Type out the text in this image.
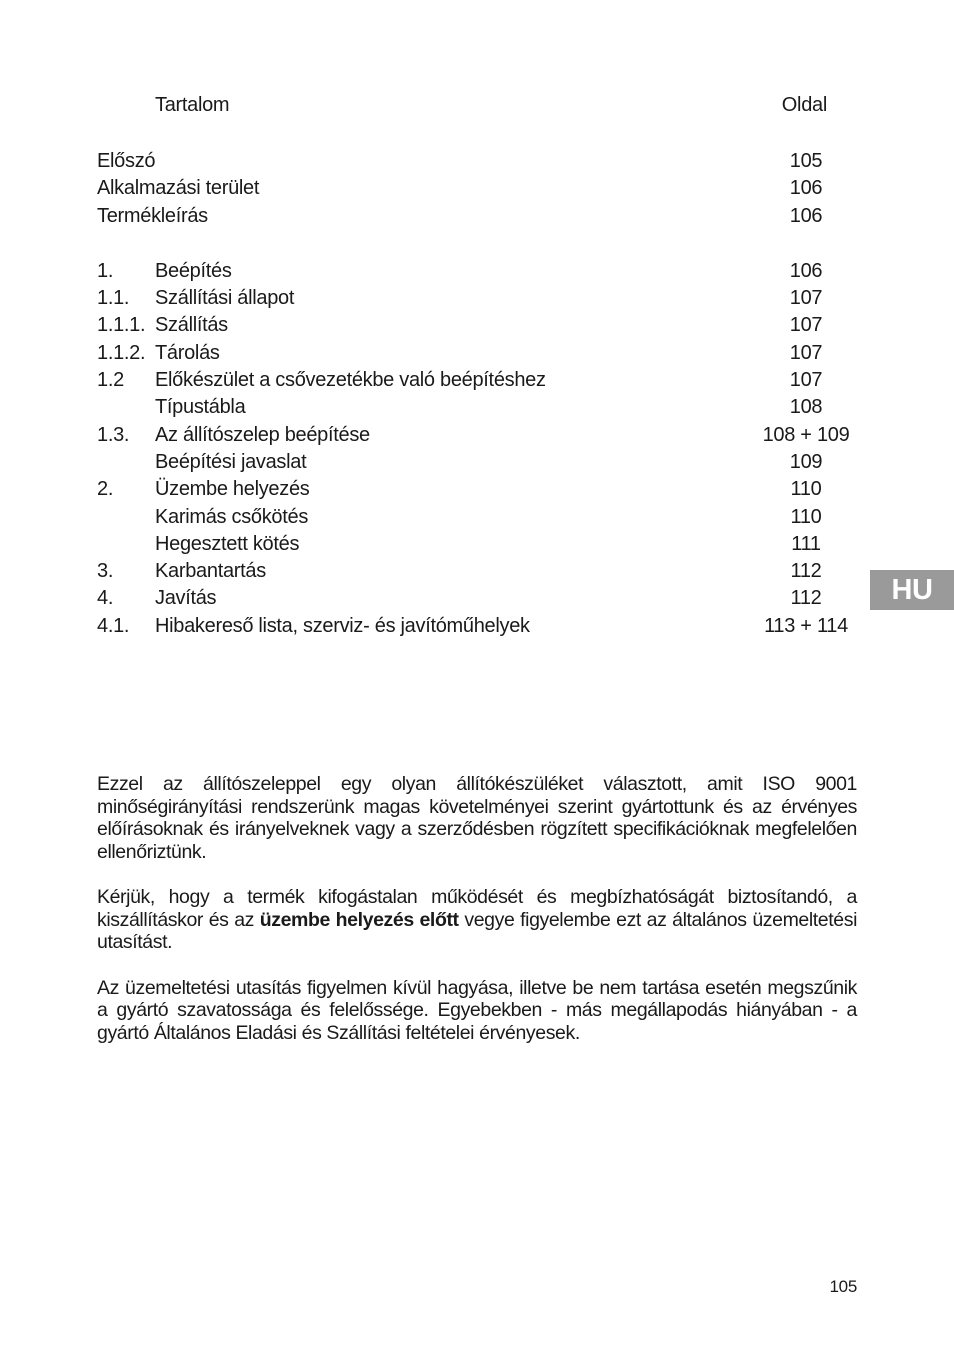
Tartalom	Oldal
Előszó	105
Alkalmazási terület	106
Termékleírás	106
1. Beépítés	106
1.1. Szállítási állapot	107
1.1.1. Szállítás	107
1.1.2. Tárolás	107
1.2 Előkészület a csővezetékbe való beépítéshez	107
Típustábla	108
1.3. Az állítószelep beépítése	108 + 109
Beépítési javaslat	109
2. Üzembe helyezés	110
Karimás csőkötés	110
Hegesztett kötés	111
3. Karbantartás	112
4. Javítás	112
4.1. Hibakereső lista, szerviz- és javítóműhelyek	113 + 114
HU

Ezzel az állítószeleppel egy olyan állítókészüléket választott, amit ISO 9001 minőségirányítási rendszerünk magas követelményei szerint gyártottunk és az érvényes előírásoknak és irányelveknek vagy a szerződésben rögzített specifikációknak megfelelően ellenőriztünk.

Kérjük, hogy a termék kifogástalan működését és megbízhatóságát biztosítandó, a kiszállításkor és az üzembe helyezés előtt vegye figyelembe ezt az általános üzemeltetési utasítást.

Az üzemeltetési utasítás figyelmen kívül hagyása, illetve be nem tartása esetén megszűnik a gyártó szavatossága és felelőssége. Egyebekben - más megállapodás hiányában - a gyártó Általános Eladási és Szállítási feltételei érvényesek.

105
